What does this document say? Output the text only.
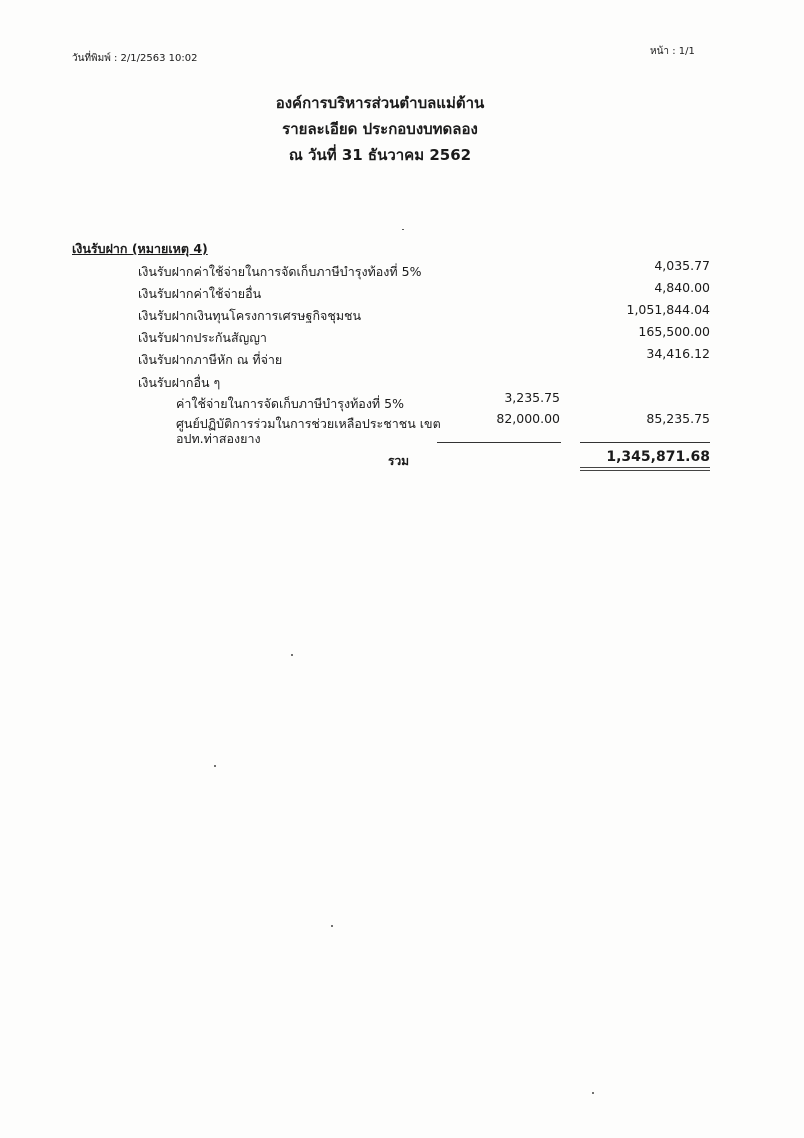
วันที่พิมพ์ : 2/1/2563 10:02
หน้า : 1/1
องค์การบริหารส่วนตำบลแม่ต้าน
รายละเอียด ประกอบงบทดลอง
ณ วันที่ 31 ธันวาคม 2562
เงินรับฝาก (หมายเหตุ 4)
เงินรับฝากค่าใช้จ่ายในการจัดเก็บภาษีบำรุงท้องที่ 5%	4,035.77
เงินรับฝากค่าใช้จ่ายอื่น	4,840.00
เงินรับฝากเงินทุนโครงการเศรษฐกิจชุมชน	1,051,844.04
เงินรับฝากประกันสัญญา	165,500.00
เงินรับฝากภาษีหัก ณ ที่จ่าย	34,416.12
เงินรับฝากอื่น ๆ
ค่าใช้จ่ายในการจัดเก็บภาษีบำรุงท้องที่ 5%	3,235.75
ศูนย์ปฏิบัติการร่วมในการช่วยเหลือประชาชน เขต
อปท.ท่าสองยาง
82,000.00	85,235.75
รวม	1,345,871.68
